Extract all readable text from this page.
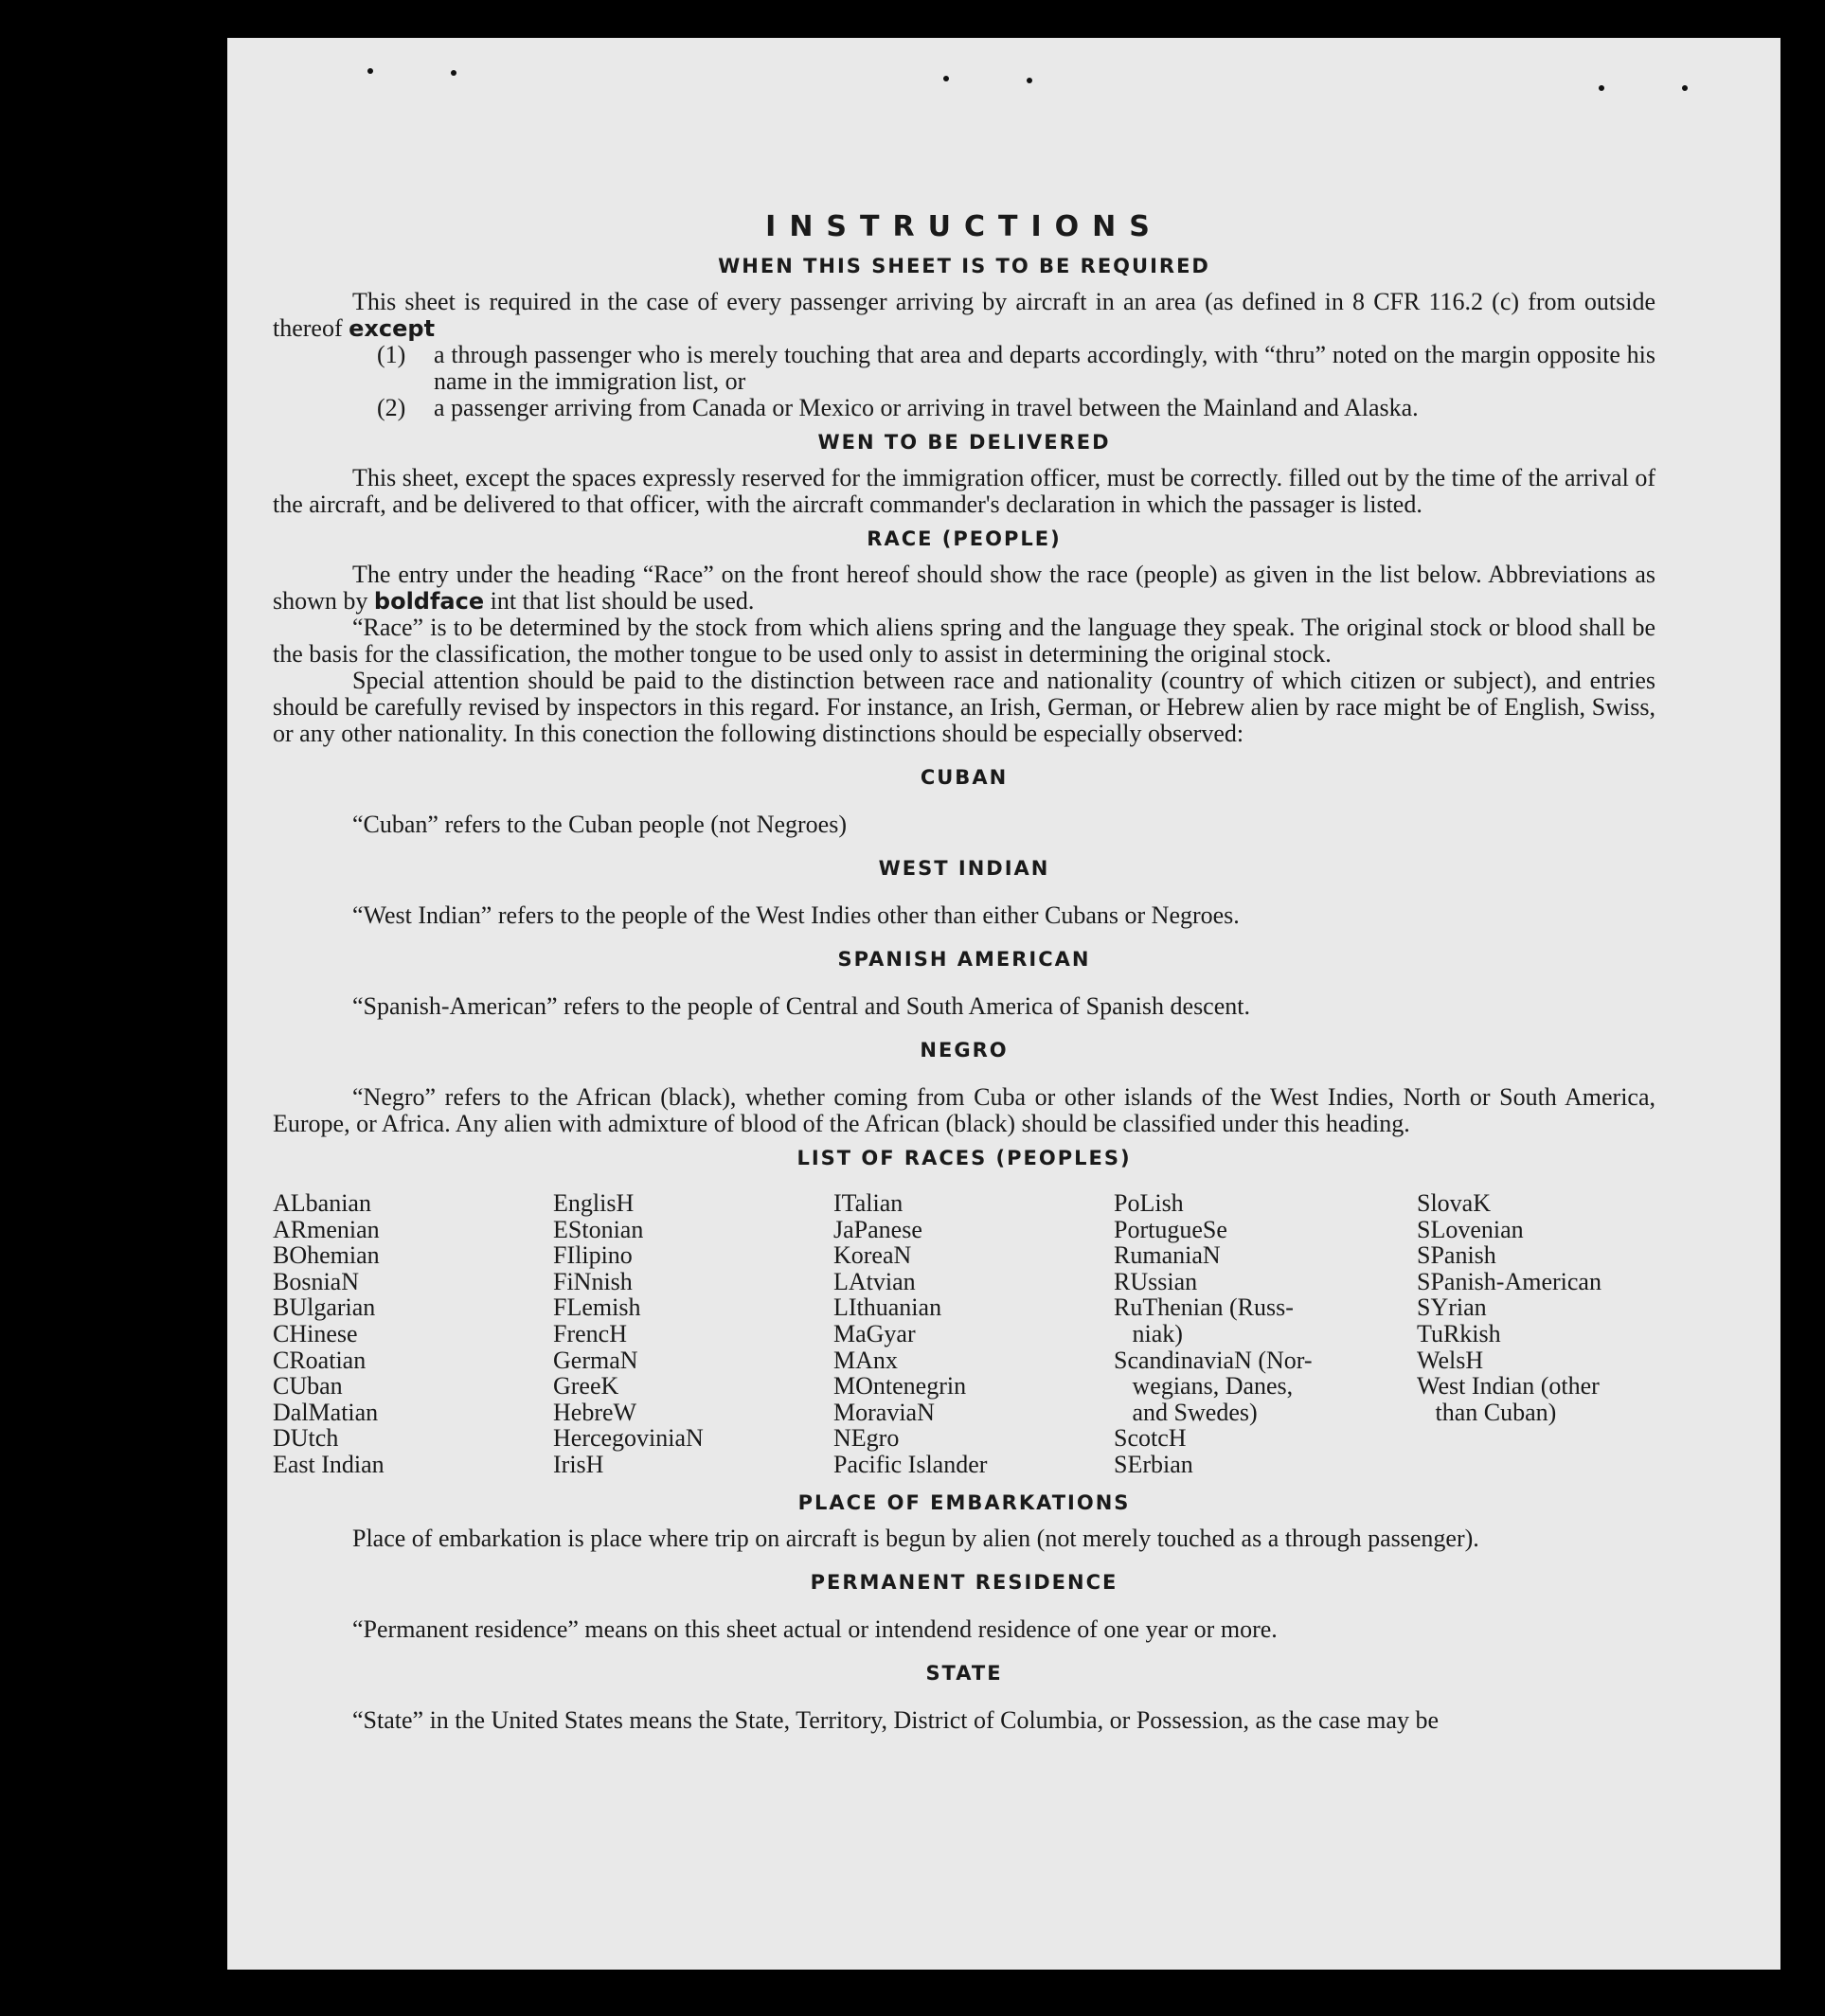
INSTRUCTIONS
WHEN THIS SHEET IS TO BE REQUIRED

This sheet is required in the case of every passenger arriving by aircraft in an area (as defined in 8 CFR 116.2 (c) from outside thereof except

(1)	a through passenger who is merely touching that area and departs accordingly, with “thru” noted on the margin opposite his name in the immigration list, or
(2)	a passenger arriving from Canada or Mexico or arriving in travel between the Mainland and Alaska.
WEN TO BE DELIVERED

This sheet, except the spaces expressly reserved for the immigration officer, must be correctly. filled out by the time of the arrival of the aircraft, and be delivered to that officer, with the aircraft commander's declaration in which the passager is listed.

RACE (PEOPLE)

The entry under the heading “Race” on the front hereof should show the race (people) as given in the list below. Abbreviations as shown by boldface int that list should be used.

“Race” is to be determined by the stock from which aliens spring and the language they speak. The original stock or blood shall be the basis for the classification, the mother tongue to be used only to assist in determining the original stock.

Special attention should be paid to the distinction between race and nationality (country of which citizen or subject), and entries should be carefully revised by inspectors in this regard. For instance, an Irish, German, or Hebrew alien by race might be of English, Swiss, or any other nationality. In this conection the following distinctions should be especially observed:

CUBAN

“Cuban” refers to the Cuban people (not Negroes)

WEST INDIAN

“West Indian” refers to the people of the West Indies other than either Cubans or Negroes.

SPANISH AMERICAN

“Spanish-American” refers to the people of Central and South America of Spanish descent.

NEGRO

“Negro” refers to the African (black), whether coming from Cuba or other islands of the West Indies, North or South America, Europe, or Africa. Any alien with admixture of blood of the African (black) should be classified under this heading.

LIST OF RACES (PEOPLES)
ALbanian
ARmenian
BOhemian
BosniaN
BUlgarian
CHinese
CRoatian
CUban
DalMatian
DUtch
East Indian
EnglisH
EStonian
FIlipino
FiNnish
FLemish
FrencH
GermaN
GreeK
HebreW
HercegoviniaN
IrisH
ITalian
JaPanese
KoreaN
LAtvian
LIthuanian
MaGyar
MAnx
MOntenegrin
MoraviaN
NEgro
Pacific Islander
PoLish
PortugueSe
RumaniaN
RUssian
RuThenian (Russ-
niak)
ScandinaviaN (Nor-
wegians, Danes,
and Swedes)
ScotcH
SErbian
SlovaK
SLovenian
SPanish
SPanish-American
SYrian
TuRkish
WelsH
West Indian (other
than Cuban)
PLACE OF EMBARKATIONS

Place of embarkation is place where trip on aircraft is begun by alien (not merely touched as a through passenger).

PERMANENT RESIDENCE

“Permanent residence” means on this sheet actual or intendend residence of one year or more.

STATE

“State” in the United States means the State, Territory, District of Columbia, or Possession, as the case may be
